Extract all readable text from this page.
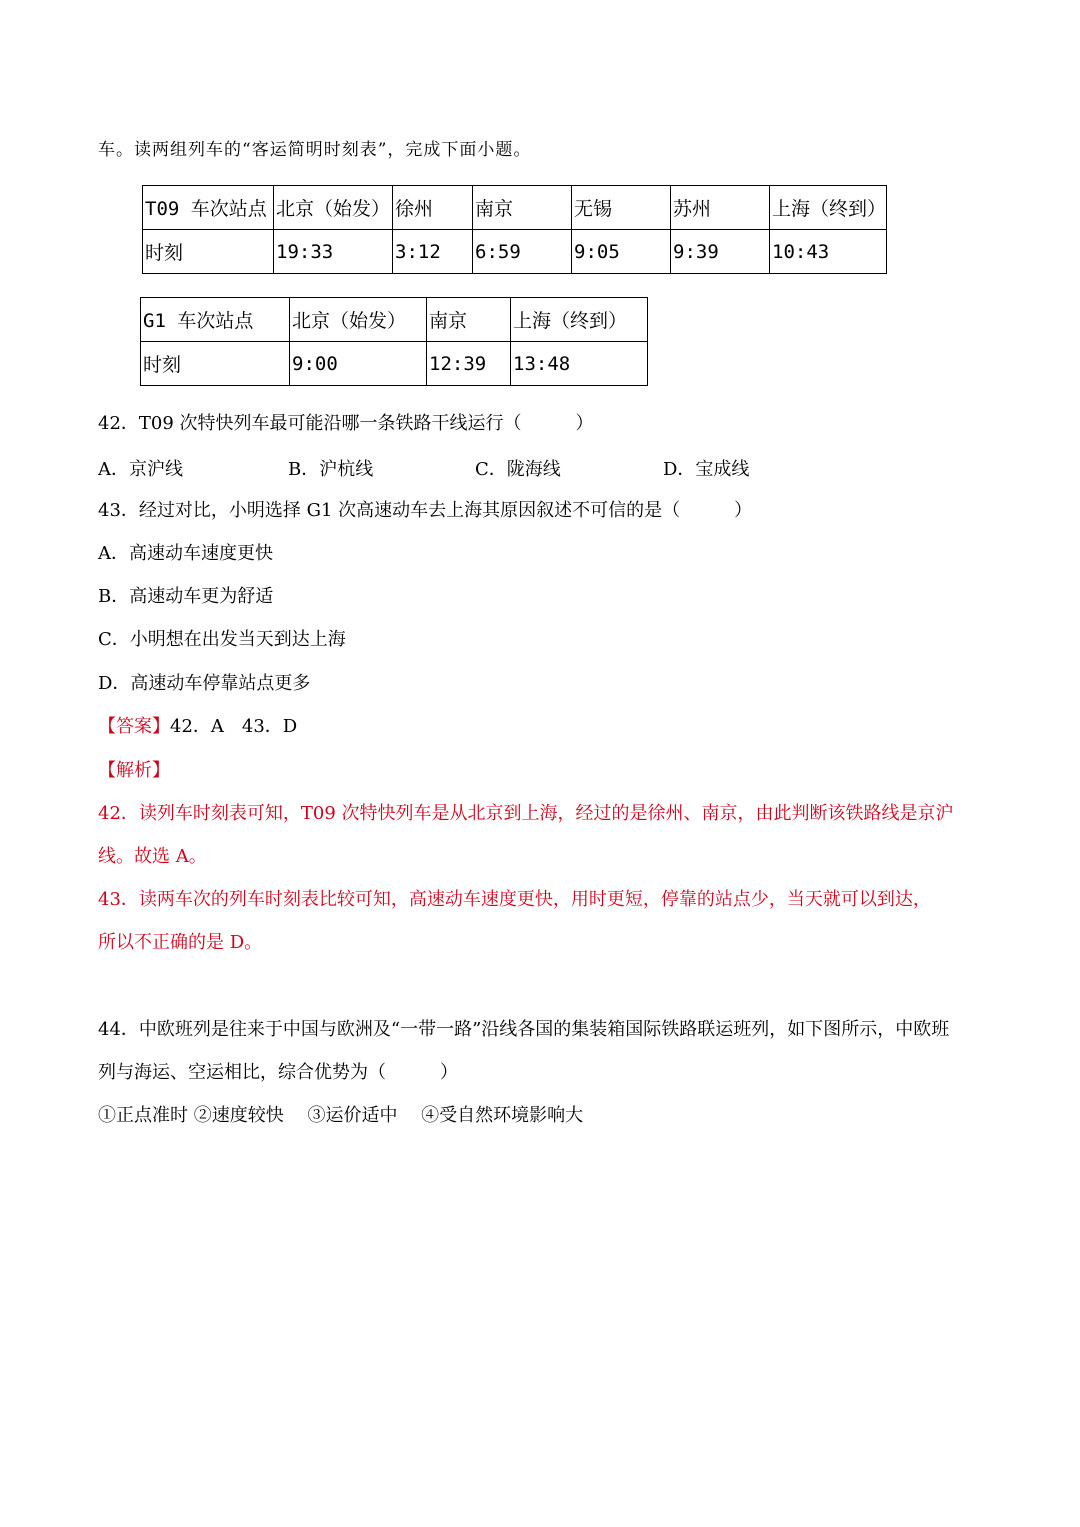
车。读两组列车的“客运简明时刻表”，完成下面小题。
T09 车次站点	北京（始发）	徐州	南京	无锡	苏州	上海（终到）
时刻	19:33	3:12	6:59	9:05	9:39	10:43
G1 车次站点	北京（始发）	南京	上海（终到）
时刻	9:00	12:39	13:48
42．T09 次特快列车最可能沿哪一条铁路干线运行（　　　）
A．京沪线	B．沪杭线	C．陇海线	D．宝成线
43．经过对比，小明选择 G1 次高速动车去上海其原因叙述不可信的是（　　　）
A．高速动车速度更快
B．高速动车更为舒适
C．小明想在出发当天到达上海
D．高速动车停靠站点更多
【答案】42．A　43．D
【解析】
42．读列车时刻表可知，T09 次特快列车是从北京到上海，经过的是徐州、南京，由此判断该铁路线是京沪
线。故选 A。
43．读两车次的列车时刻表比较可知，高速动车速度更快，用时更短，停靠的站点少，当天就可以到达，
所以不正确的是 D。
44．中欧班列是往来于中国与欧洲及“一带一路”沿线各国的集装箱国际铁路联运班列，如下图所示，中欧班
列与海运、空运相比，综合优势为（　　　）
①正点准时 ②速度较快　 ③运价适中　 ④受自然环境影响大
